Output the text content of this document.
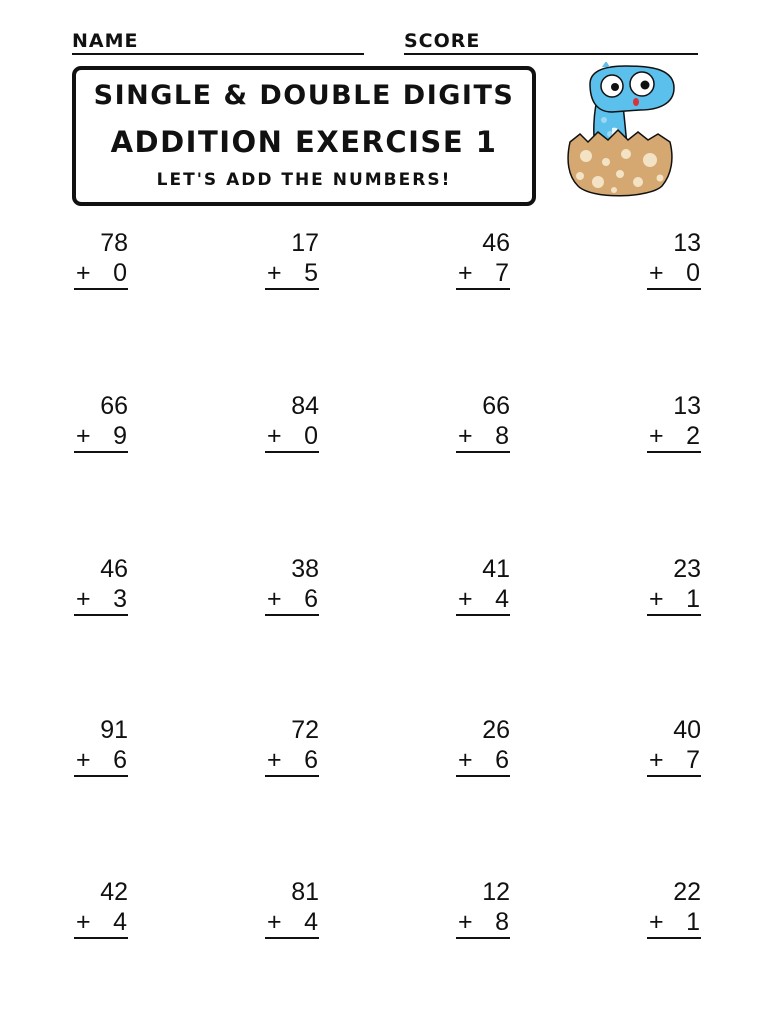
NAME	SCORE
SINGLE & DOUBLE DIGITS
ADDITION EXERCISE 1
LET'S ADD THE NUMBERS!
78
+ 0
17
+ 5
46
+ 7
13
+ 0
66
+ 9
84
+ 0
66
+ 8
13
+ 2
46
+ 3
38
+ 6
41
+ 4
23
+ 1
91
+ 6
72
+ 6
26
+ 6
40
+ 7
42
+ 4
81
+ 4
12
+ 8
22
+ 1
